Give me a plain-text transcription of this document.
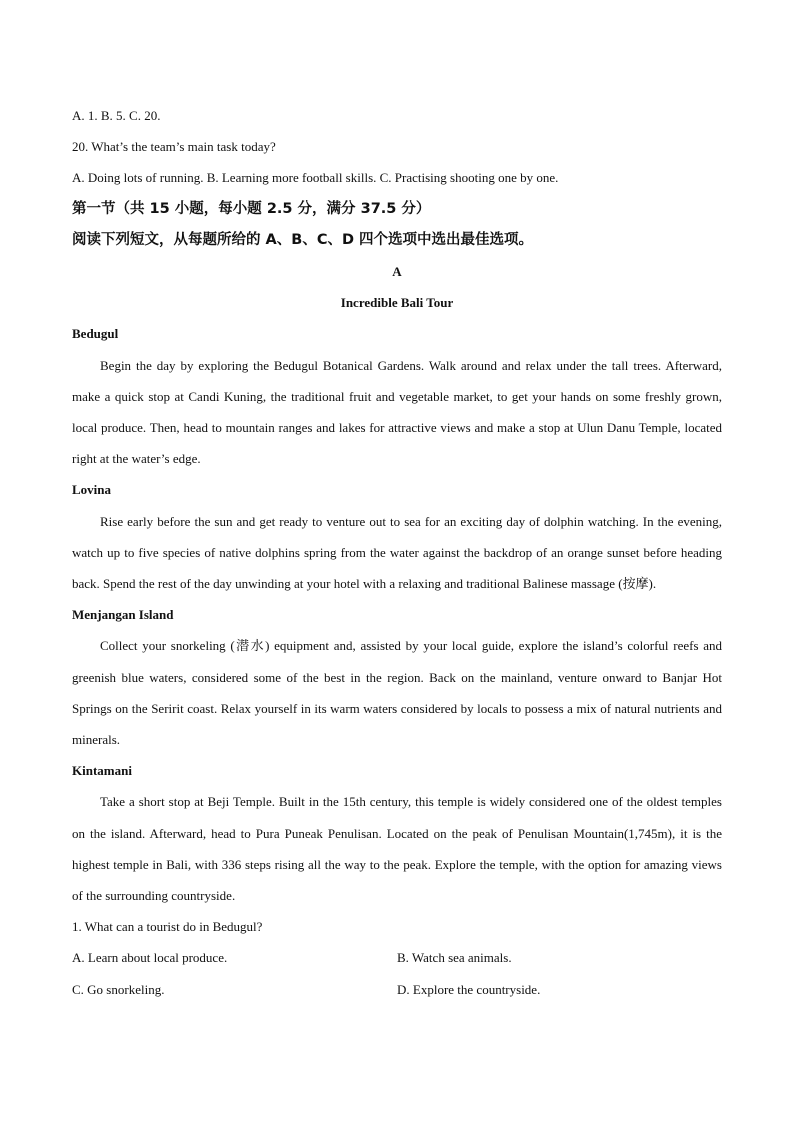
A. 1. B. 5. C. 20.

20. What’s the team’s main task today?

A. Doing lots of running. B. Learning more football skills. C. Practising shooting one by one.

第一节（共 15 小题，每小题 2.5 分，满分 37.5 分）

阅读下列短文，从每题所给的 A、B、C、D 四个选项中选出最佳选项。

A

Incredible Bali Tour

Bedugul

Begin the day by exploring the Bedugul Botanical Gardens. Walk around and relax under the tall trees. Afterward, make a quick stop at Candi Kuning, the traditional fruit and vegetable market, to get your hands on some freshly grown, local produce. Then, head to mountain ranges and lakes for attractive views and make a stop at Ulun Danu Temple, located right at the water’s edge.

Lovina

Rise early before the sun and get ready to venture out to sea for an exciting day of dolphin watching. In the evening, watch up to five species of native dolphins spring from the water against the backdrop of an orange sunset before heading back. Spend the rest of the day unwinding at your hotel with a relaxing and traditional Balinese massage (按摩).

Menjangan Island

Collect your snorkeling (潜水) equipment and, assisted by your local guide, explore the island’s colorful reefs and greenish blue waters, considered some of the best in the region. Back on the mainland, venture onward to Banjar Hot Springs on the Seririt coast. Relax yourself in its warm waters considered by locals to possess a mix of natural nutrients and minerals.

Kintamani

Take a short stop at Beji Temple. Built in the 15th century, this temple is widely considered one of the oldest temples on the island. Afterward, head to Pura Puneak Penulisan. Located on the peak of Penulisan Mountain(1,745m), it is the highest temple in Bali, with 336 steps rising all the way to the peak. Explore the temple, with the option for amazing views of the surrounding countryside.

1. What can a tourist do in Bedugul?

A. Learn about local produce.	B. Watch sea animals.

C. Go snorkeling.	D. Explore the countryside.
